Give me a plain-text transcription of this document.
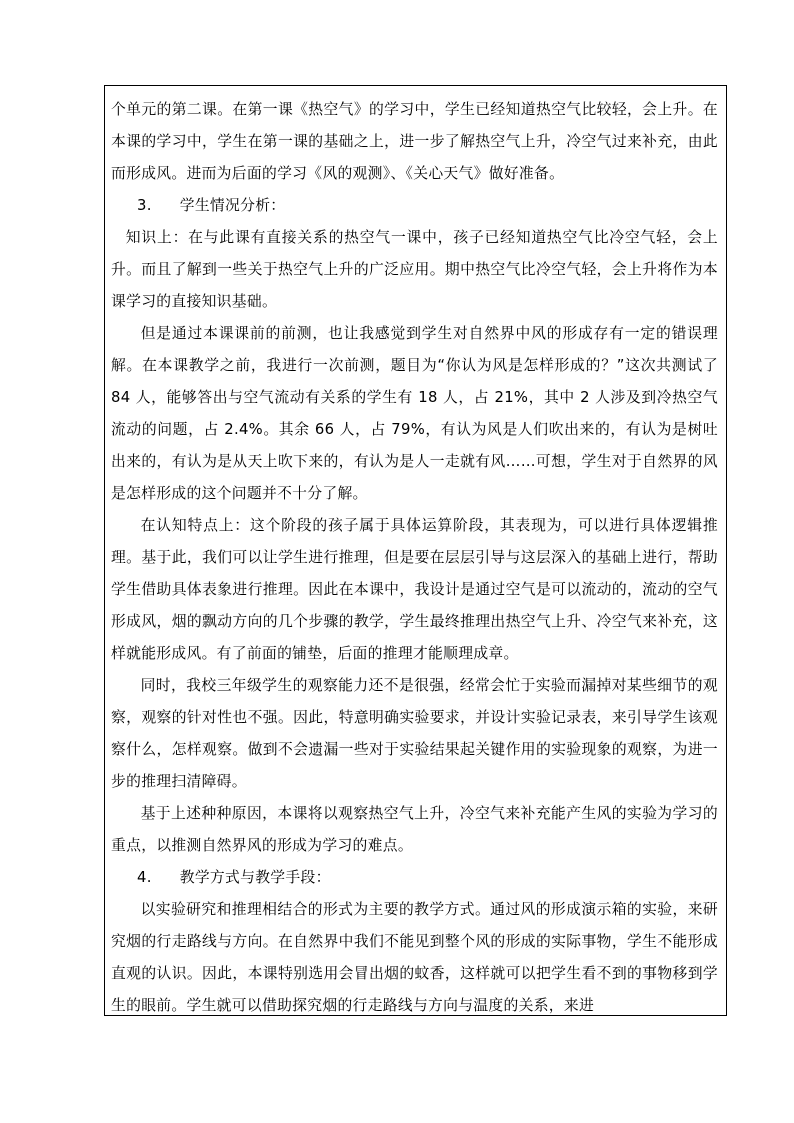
个单元的第二课。在第一课《热空气》的学习中，学生已经知道热空气比较轻，会上升。在本课的学习中，学生在第一课的基础之上，进一步了解热空气上升，冷空气过来补充，由此而形成风。进而为后面的学习《风的观测》、《关心天气》做好准备。

3. 学生情况分析：

知识上：在与此课有直接关系的热空气一课中，孩子已经知道热空气比冷空气轻，会上升。而且了解到一些关于热空气上升的广泛应用。期中热空气比冷空气轻，会上升将作为本课学习的直接知识基础。

但是通过本课课前的前测，也让我感觉到学生对自然界中风的形成存有一定的错误理解。在本课教学之前，我进行一次前测，题目为“你认为风是怎样形成的？”这次共测试了 84 人，能够答出与空气流动有关系的学生有 18 人，占 21%，其中 2 人涉及到冷热空气流动的问题，占 2.4%。其余 66 人，占 79%，有认为风是人们吹出来的，有认为是树吐出来的，有认为是从天上吹下来的，有认为是人一走就有风……可想，学生对于自然界的风是怎样形成的这个问题并不十分了解。

在认知特点上：这个阶段的孩子属于具体运算阶段，其表现为，可以进行具体逻辑推理。基于此，我们可以让学生进行推理，但是要在层层引导与这层深入的基础上进行，帮助学生借助具体表象进行推理。因此在本课中，我设计是通过空气是可以流动的，流动的空气形成风，烟的飘动方向的几个步骤的教学，学生最终推理出热空气上升、冷空气来补充，这样就能形成风。有了前面的铺垫，后面的推理才能顺理成章。

同时，我校三年级学生的观察能力还不是很强，经常会忙于实验而漏掉对某些细节的观察，观察的针对性也不强。因此，特意明确实验要求，并设计实验记录表，来引导学生该观察什么，怎样观察。做到不会遗漏一些对于实验结果起关键作用的实验现象的观察，为进一步的推理扫清障碍。

基于上述种种原因，本课将以观察热空气上升，冷空气来补充能产生风的实验为学习的重点，以推测自然界风的形成为学习的难点。

4. 教学方式与教学手段：

以实验研究和推理相结合的形式为主要的教学方式。通过风的形成演示箱的实验，来研究烟的行走路线与方向。在自然界中我们不能见到整个风的形成的实际事物，学生不能形成直观的认识。因此，本课特别选用会冒出烟的蚊香，这样就可以把学生看不到的事物移到学生的眼前。学生就可以借助探究烟的行走路线与方向与温度的关系，来进
